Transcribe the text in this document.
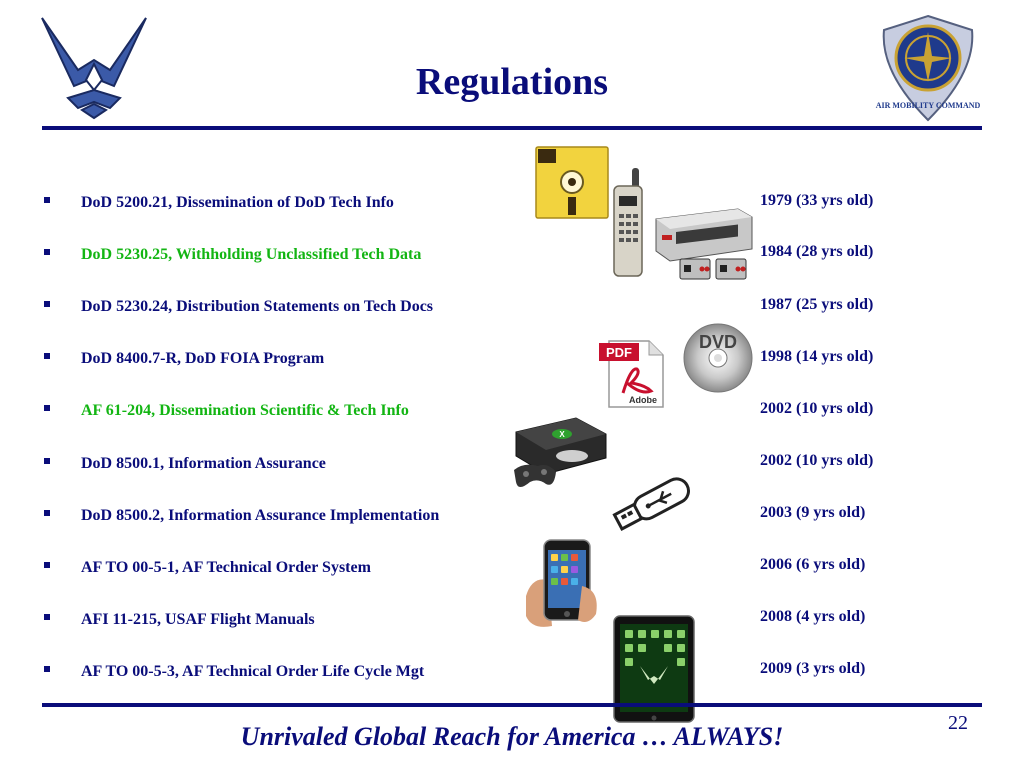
AIR MOBILITY COMMAND
Regulations
DoD 5200.21, Dissemination of DoD Tech Info
DoD 5230.25, Withholding Unclassified Tech Data
DoD 5230.24, Distribution Statements on Tech Docs
DoD 8400.7-R, DoD FOIA Program
AF 61-204, Dissemination Scientific & Tech Info
DoD 8500.1, Information Assurance
DoD 8500.2, Information Assurance Implementation
AF TO 00-5-1, AF Technical Order System
AFI 11-215, USAF Flight Manuals
AF TO 00-5-3, AF Technical Order Life Cycle Mgt
1979 (33 yrs old)
1984 (28 yrs old)
1987 (25 yrs old)
1998 (14 yrs old)
2002 (10 yrs old)
2002 (10 yrs old)
2003 (9 yrs old)
2006 (6 yrs old)
2008 (4 yrs old)
2009 (3 yrs old)
PDF
Adobe
DVD
X
Unrivaled Global Reach for America … ALWAYS!	22
